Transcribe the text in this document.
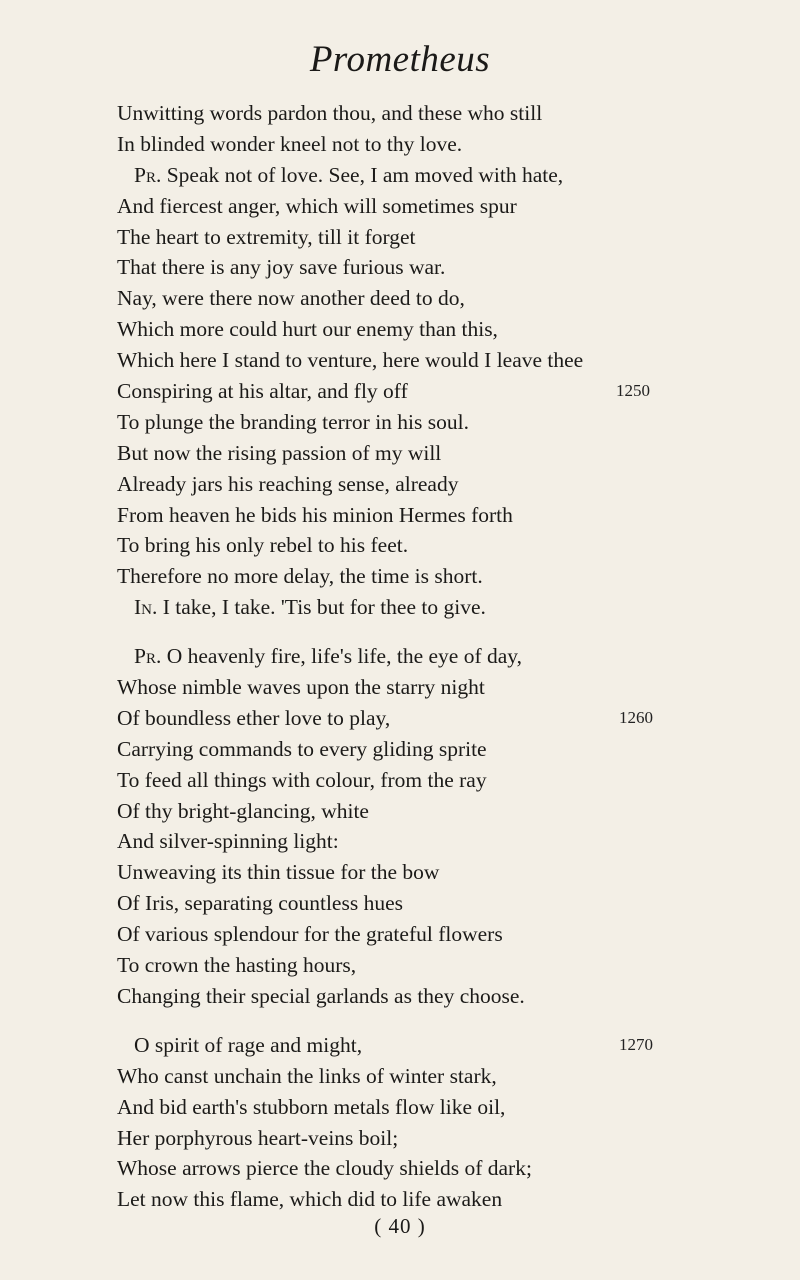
Prometheus
Unwitting words pardon thou, and these who still
In blinded wonder kneel not to thy love.
Pr. Speak not of love. See, I am moved with hate,
And fiercest anger, which will sometimes spur
The heart to extremity, till it forget
That there is any joy save furious war.
Nay, were there now another deed to do,
Which more could hurt our enemy than this,
Which here I stand to venture, here would I leave thee
Conspiring at his altar, and fly off	1250
To plunge the branding terror in his soul.
But now the rising passion of my will
Already jars his reaching sense, already
From heaven he bids his minion Hermes forth
To bring his only rebel to his feet.
Therefore no more delay, the time is short.
In. I take, I take. 'Tis but for thee to give.
Pr. O heavenly fire, life's life, the eye of day,
Whose nimble waves upon the starry night
Of boundless ether love to play,	1260
Carrying commands to every gliding sprite
To feed all things with colour, from the ray
Of thy bright-glancing, white
And silver-spinning light:
Unweaving its thin tissue for the bow
Of Iris, separating countless hues
Of various splendour for the grateful flowers
To crown the hasting hours,
Changing their special garlands as they choose.
O spirit of rage and might,	1270
Who canst unchain the links of winter stark,
And bid earth's stubborn metals flow like oil,
Her porphyrous heart-veins boil;
Whose arrows pierce the cloudy shields of dark;
Let now this flame, which did to life awaken
( 40 )
